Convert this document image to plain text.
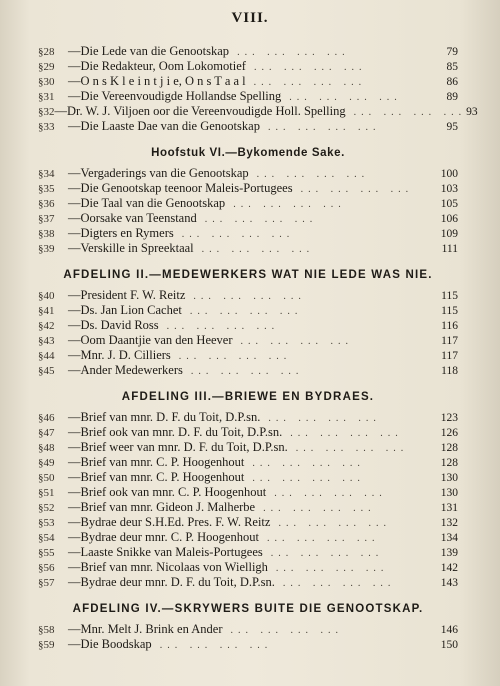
VIII.
§28	—Die Lede van die Genootskap ... ... ... ...	79
§29	—Die Redakteur, Oom Lokomotief ... ... ... ...	85
§30	—O n s K l e i n t j i e, O n s T a a l ... ... ... ...	86
§31	—Die Vereenvoudigde Hollandse Spelling ... ... ... ...	89
§32 —Dr. W. J. Viljoen oor die Vereenvoudigde Holl. Spelling ... ... ... ... 93
§33	—Die Laaste Dae van die Genootskap ... ... ... ...	95
Hoofstuk VI.—Bykomende Sake.
§34	—Vergaderings van die Genootskap ... ... ... ...	100
§35	—Die Genootskap teenoor Maleis-Portugees ... ... ... ...	103
§36	—Die Taal van die Genootskap ... ... ... ...	105
§37	—Oorsake van Teenstand ... ... ... ...	106
§38	—Digters en Rymers ... ... ... ...	109
§39	—Verskille in Spreektaal ... ... ... ...	111
AFDELING II.—MEDEWERKERS WAT NIE LEDE WAS NIE.
§40	—President F. W. Reitz ... ... ... ...	115
§41	—Ds. Jan Lion Cachet ... ... ... ...	115
§42	—Ds. David Ross ... ... ... ...	116
§43	—Oom Daantjie van den Heever ... ... ... ...	117
§44	—Mnr. J. D. Cilliers ... ... ... ...	117
§45	—Ander Medewerkers ... ... ... ...	118
AFDELING III.—BRIEWE EN BYDRAES.
§46	—Brief van mnr. D. F. du Toit, D.P.sn. ... ... ... ...	123
§47	—Brief ook van mnr. D. F. du Toit, D.P.sn. ... ... ... ...	126
§48	—Brief weer van mnr. D. F. du Toit, D.P.sn. ... ... ... ...	128
§49	—Brief van mnr. C. P. Hoogenhout ... ... ... ...	128
§50	—Brief van mnr. C. P. Hoogenhout ... ... ... ...	130
§51	—Brief ook van mnr. C. P. Hoogenhout ... ... ... ...	130
§52	—Brief van mnr. Gideon J. Malherbe ... ... ... ...	131
§53	—Bydrae deur S.H.Ed. Pres. F. W. Reitz ... ... ... ...	132
§54	—Bydrae deur mnr. C. P. Hoogenhout ... ... ... ...	134
§55	—Laaste Snikke van Maleis-Portugees ... ... ... ...	139
§56	—Brief van mnr. Nicolaas von Wielligh ... ... ... ...	142
§57	—Bydrae deur mnr. D. F. du Toit, D.P.sn. ... ... ... ...	143
AFDELING IV.—SKRYWERS BUITE DIE GENOOTSKAP.
§58	—Mnr. Melt J. Brink en Ander ... ... ... ...	146
§59	—Die Boodskap ... ... ... ...	150
